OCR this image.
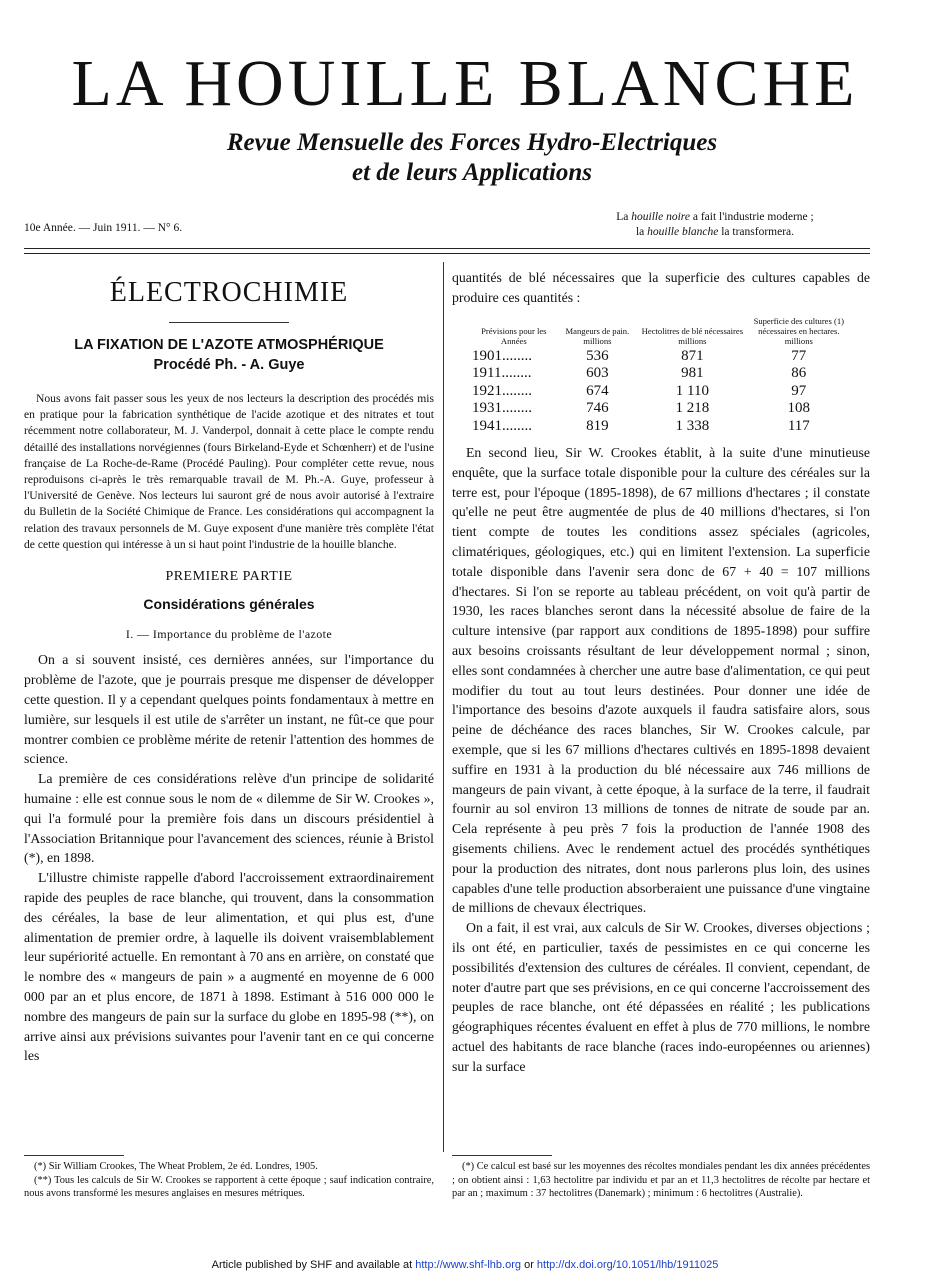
LA HOUILLE BLANCHE

Revue Mensuelle des Forces Hydro-Electriques

et de leurs Applications

10e Année. — Juin 1911. — N° 6.
La houille noire a fait l'industrie moderne ;
la houille blanche la transformera.
ÉLECTROCHIMIE
LA FIXATION DE L'AZOTE ATMOSPHÉRIQUE
Procédé Ph. - A. Guye
Nous avons fait passer sous les yeux de nos lecteurs la description des procédés mis en pratique pour la fabrication synthétique de l'acide azotique et des nitrates et tout récemment notre collaborateur, M. J. Vanderpol, donnait à cette place le compte rendu détaillé des installations norvégiennes (fours Birkeland-Eyde et Schœnherr) et de l'usine française de La Roche-de-Rame (Procédé Pauling). Pour compléter cette revue, nous reproduisons ci-après le très remarquable travail de M. Ph.-A. Guye, professeur à l'Université de Genève. Nos lecteurs lui sauront gré de nous avoir autorisé à l'extraire du Bulletin de la Société Chimique de France. Les considérations qui accompagnent la relation des travaux personnels de M. Guye exposent d'une manière très complète l'état de cette question qui intéresse à un si haut point l'industrie de la houille blanche.
PREMIERE PARTIE
Considérations générales
I. — Importance du problème de l'azote

On a si souvent insisté, ces dernières années, sur l'importance du problème de l'azote, que je pourrais presque me dispenser de développer cette question. Il y a cependant quelques points fondamentaux à mettre en lumière, sur lesquels il est utile de s'arrêter un instant, ne fût-ce que pour montrer combien ce problème mérite de retenir l'attention des hommes de science.

La première de ces considérations relève d'un principe de solidarité humaine : elle est connue sous le nom de « dilemme de Sir W. Crookes », qui l'a formulé pour la première fois dans un discours présidentiel à l'Association Britannique pour l'avancement des sciences, réunie à Bristol (*), en 1898.

L'illustre chimiste rappelle d'abord l'accroissement extraordinairement rapide des peuples de race blanche, qui trouvent, dans la consommation des céréales, la base de leur alimentation, et qui plus est, d'une alimentation de premier ordre, à laquelle ils doivent vraisemblablement leur supériorité actuelle. En remontant à 70 ans en arrière, on constaté que le nombre des « mangeurs de pain » a augmenté en moyenne de 6 000 000 par an et plus encore, de 1871 à 1898. Estimant à 516 000 000 le nombre des mangeurs de pain sur la surface du globe en 1895-98 (**), on arrive ainsi aux prévisions suivantes pour l'avenir tant en ce qui concerne les

quantités de blé nécessaires que la superficie des cultures capables de produire ces quantités :

Prévisions pour les Années	Mangeurs de pain. millions	Hectolitres de blé nécessaires millions	Superficie des cultures (1) nécessaires en hectares. millions
1901........	536	871	77
1911........	603	981	86
1921........	674	1 110	97
1931........	746	1 218	108
1941........	819	1 338	117

En second lieu, Sir W. Crookes établit, à la suite d'une minutieuse enquête, que la surface totale disponible pour la culture des céréales sur la terre est, pour l'époque (1895-1898), de 67 millions d'hectares ; il constate qu'elle ne peut être augmentée de plus de 40 millions d'hectares, si l'on tient compte de toutes les conditions assez spéciales (agricoles, climatériques, géologiques, etc.) qui en limitent l'extension. La superficie totale disponible dans l'avenir sera donc de 67 + 40 = 107 millions d'hectares. Si l'on se reporte au tableau précédent, on voit qu'à partir de 1930, les races blanches seront dans la nécessité absolue de faire de la culture intensive (par rapport aux conditions de 1895-1898) pour suffire aux besoins croissants résultant de leur développement normal ; sinon, elles sont condamnées à chercher une autre base d'alimentation, ce qui peut modifier du tout au tout leurs destinées. Pour donner une idée de l'importance des besoins d'azote auxquels il faudra satisfaire alors, sous peine de déchéance des races blanches, Sir W. Crookes calcule, par exemple, que si les 67 millions d'hectares cultivés en 1895-1898 devaient suffire en 1931 à la production du blé nécessaire aux 746 millions de mangeurs de pain vivant, à cette époque, à la surface de la terre, il faudrait fournir au sol environ 13 millions de tonnes de nitrate de soude par an. Cela représente à peu près 7 fois la production de l'année 1908 des gisements chiliens. Avec le rendement actuel des procédés synthétiques pour la production des nitrates, dont nous parlerons plus loin, des usines capables d'une telle production absorberaient une puissance d'une vingtaine de millions de chevaux électriques.

On a fait, il est vrai, aux calculs de Sir W. Crookes, diverses objections ; ils ont été, en particulier, taxés de pessimistes en ce qui concerne les possibilités d'extension des cultures de céréales. Il convient, cependant, de noter d'autre part que ses prévisions, en ce qui concerne l'accroissement des peuples de race blanche, ont été dépassées en réalité ; les publications géographiques récentes évaluent en effet à plus de 770 millions, le nombre actuel des habitants de race blanche (races indo-européennes ou ariennes) sur la surface

(*) Sir William Crookes, The Wheat Problem, 2e éd. Londres, 1905.

(**) Tous les calculs de Sir W. Crookes se rapportent à cette époque ; sauf indication contraire, nous avons transformé les mesures anglaises en mesures métriques.

(*) Ce calcul est basé sur les moyennes des récoltes mondiales pendant les dix années précédentes ; on obtient ainsi : 1,63 hectolitre par individu et par an et 11,3 hectolitres de récolte par hectare et par an ; maximum : 37 hectolitres (Danemark) ; minimum : 6 hectolitres (Australie).

Article published by SHF and available at http://www.shf-lhb.org or http://dx.doi.org/10.1051/lhb/1911025
